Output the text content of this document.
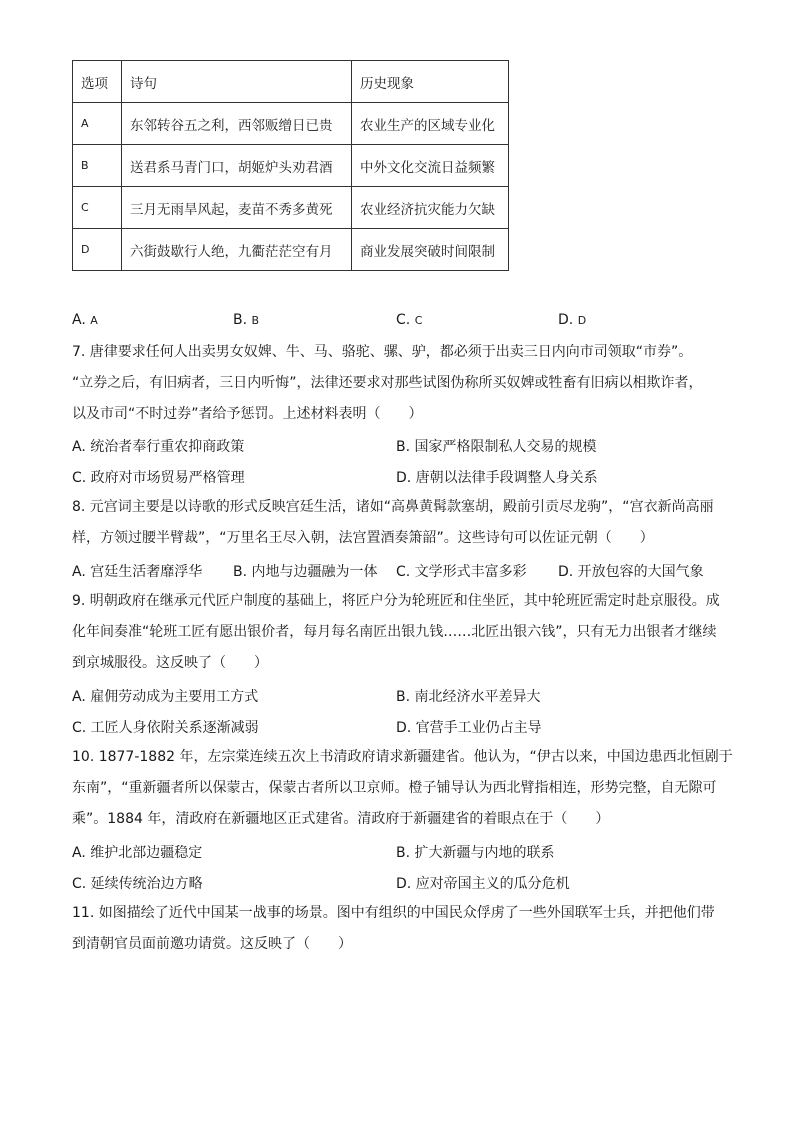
选项	诗句	历史现象
A	东邻转谷五之利，西邻贩缯日已贵	农业生产的区域专业化
B	送君系马青门口，胡姬炉头劝君酒	中外文化交流日益频繁
C	三月无雨旱风起，麦苗不秀多黄死	农业经济抗灾能力欠缺
D	六街鼓歇行人绝，九衢茫茫空有月	商业发展突破时间限制
A. A	B. B	C. C	D. D
7. 唐律要求任何人出卖男女奴婢、牛、马、骆驼、骡、驴，都必须于出卖三日内向市司领取“市券”。
“立券之后，有旧病者，三日内听悔”，法律还要求对那些试图伪称所买奴婢或牲畜有旧病以相欺诈者，
以及市司“不时过券”者给予惩罚。上述材料表明（　　）
A. 统治者奉行重农抑商政策	B. 国家严格限制私人交易的规模
C. 政府对市场贸易严格管理	D. 唐朝以法律手段调整人身关系
8. 元宫词主要是以诗歌的形式反映宫廷生活，诸如“高鼻黄髯款塞胡，殿前引贡尽龙驹”，“宫衣新尚高丽
样，方领过腰半臂裁”，“万里名王尽入朝，法宫置酒奏箫韶”。这些诗句可以佐证元朝（　　）
A. 宫廷生活奢靡浮华 B. 内地与边疆融为一体 C. 文学形式丰富多彩 D. 开放包容的大国气象
9. 明朝政府在继承元代匠户制度的基础上，将匠户分为轮班匠和住坐匠，其中轮班匠需定时赴京服役。成
化年间奏准“轮班工匠有愿出银价者，每月每名南匠出银九钱……北匠出银六钱”，只有无力出银者才继续
到京城服役。这反映了（　　）
A. 雇佣劳动成为主要用工方式	B. 南北经济水平差异大
C. 工匠人身依附关系逐渐减弱	D. 官营手工业仍占主导
10. 1877-1882 年，左宗棠连续五次上书清政府请求新疆建省。他认为，“伊古以来，中国边患西北恒剧于
东南”，“重新疆者所以保蒙古，保蒙古者所以卫京师。橙子铺导认为西北臂指相连，形势完整，自无隙可
乘”。1884 年，清政府在新疆地区正式建省。清政府于新疆建省的着眼点在于（　　）
A. 维护北部边疆稳定	B. 扩大新疆与内地的联系
C. 延续传统治边方略	D. 应对帝国主义的瓜分危机
11. 如图描绘了近代中国某一战事的场景。图中有组织的中国民众俘虏了一些外国联军士兵，并把他们带
到清朝官员面前邀功请赏。这反映了（　　）
